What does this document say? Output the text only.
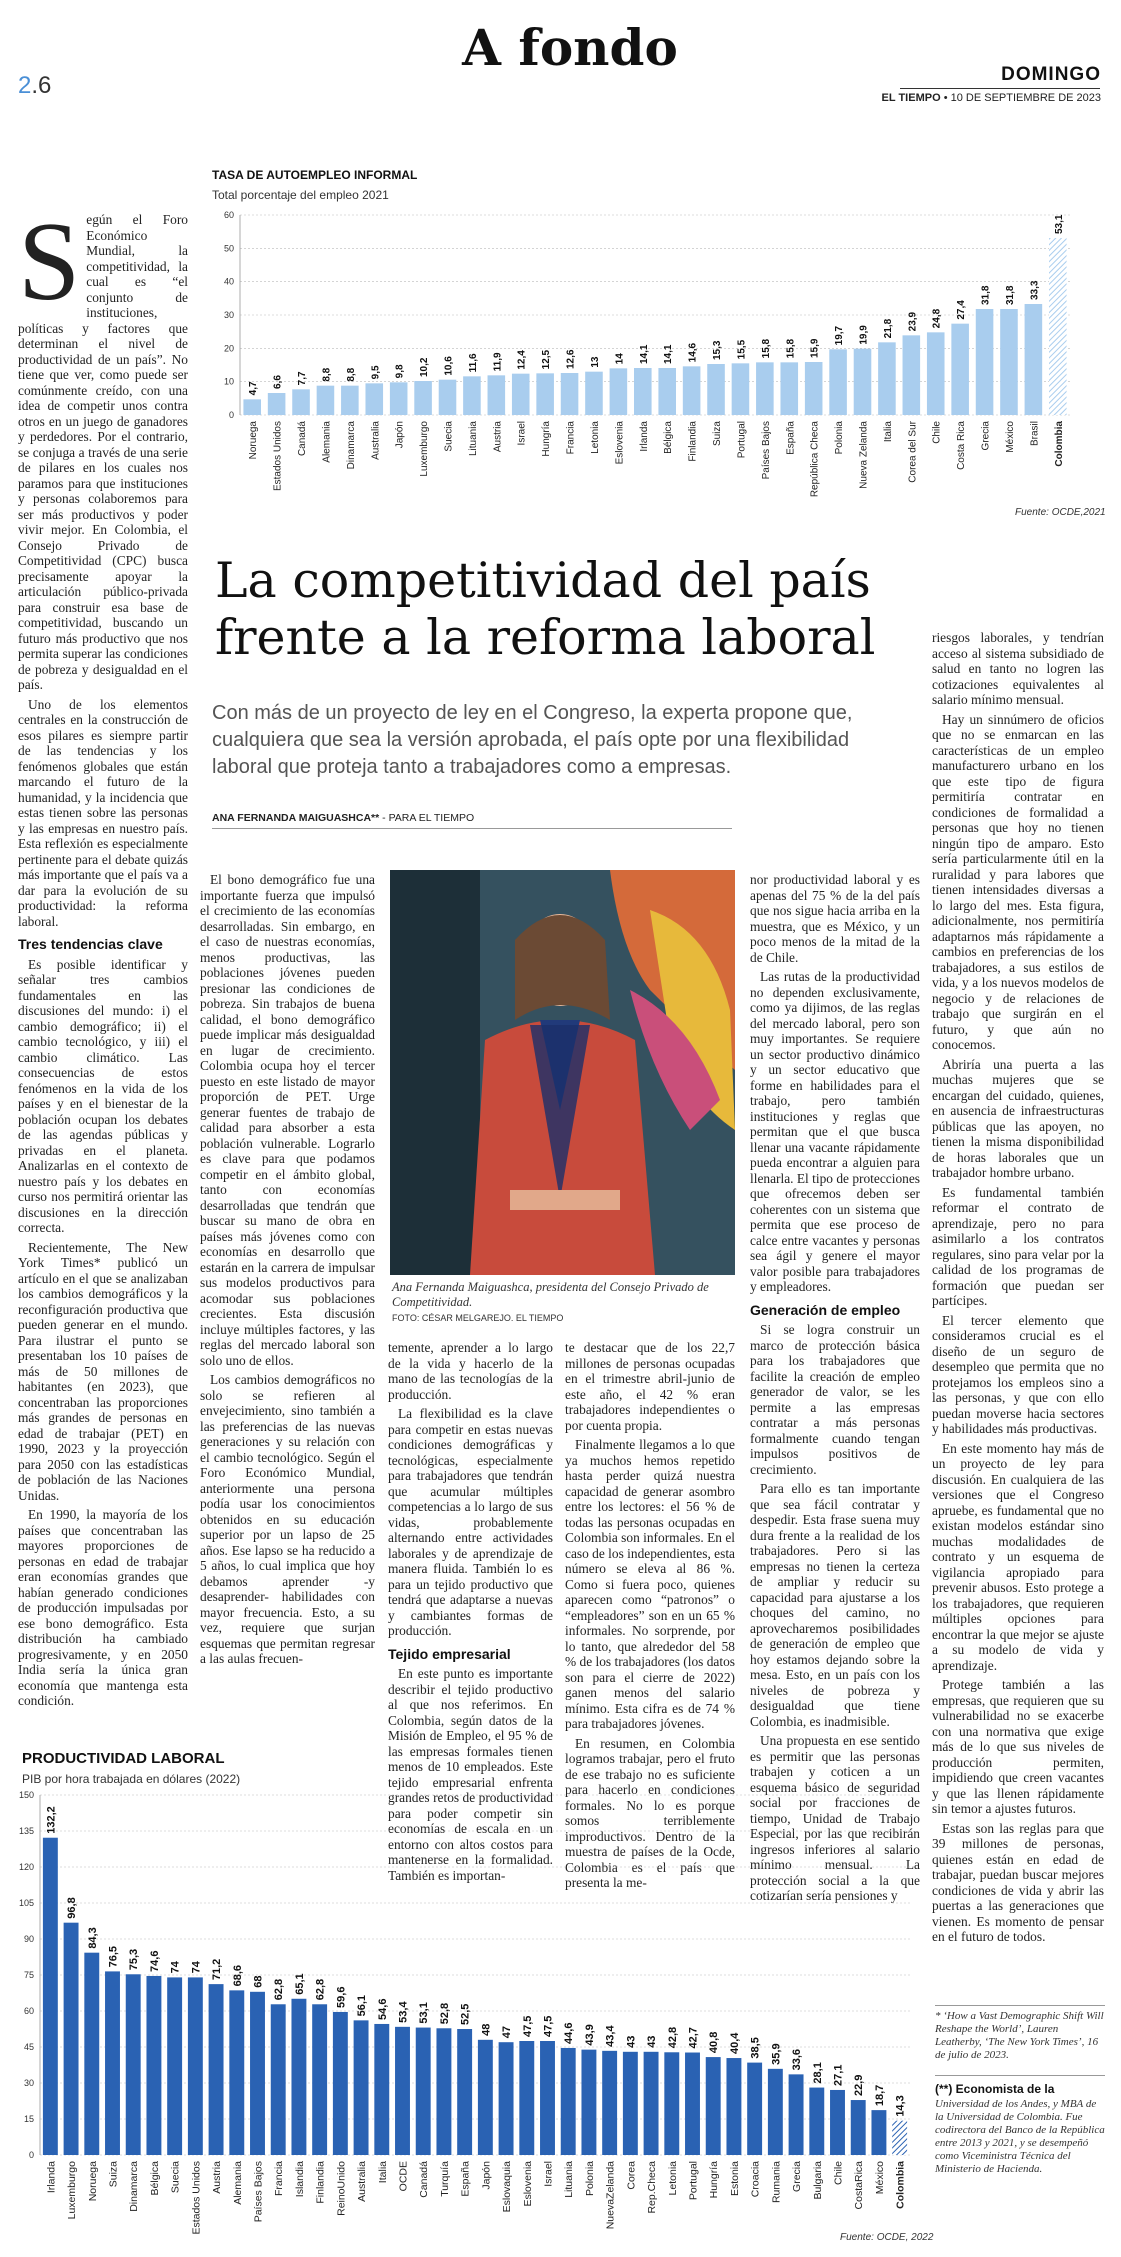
2.6
A fondo	DOMINGO
EL TIEMPO • 10 DE SEPTIEMBRE DE 2023
TASA DE AUTOEMPLEO INFORMAL
Total porcentaje del empleo 2021
0
10
20
30
40
50
60
4,7
Noruega
6,6
Estados Unidos
7,7
Canadá
8,8
Alemania
8,8
Dinamarca
9,5
Australia
9,8
Japón
10,2
Luxemburgo
10,6
Suecia
11,6
Lituania
11,9
Austria
12,4
Israel
12,5
Hungría
12,6
Francia
13
Letonia
14
Eslovenia
14,1
Irlanda
14,1
Bélgica
14,6
Finlandia
15,3
Suiza
15,5
Portugal
15,8
Países Bajos
15,8
España
15,9
República Checa
19,7
Polonia
19,9
Nueva Zelanda
21,8
Italia
23,9
Corea del Sur
24,8
Chile
27,4
Costa Rica
31,8
Grecia
31,8
México
33,3
Brasil
53,1
Colombia
Fuente: OCDE,2021

Según el Foro Económico Mundial, la competitividad, la cual es “el conjunto de instituciones, políticas y factores que determinan el nivel de productividad de un país”. No tiene que ver, como puede ser comúnmente creído, con una idea de competir unos contra otros en un juego de ganadores y perdedores. Por el contrario, se conjuga a través de una serie de pilares en los cuales nos paramos para que instituciones y personas colaboremos para ser más productivos y poder vivir mejor. En Colombia, el Consejo Privado de Competitividad (CPC) busca precisamente apoyar la articulación público-privada para construir esa base de competitividad, buscando un futuro más productivo que nos permita superar las condiciones de pobreza y desigualdad en el país.

Uno de los elementos centrales en la construcción de esos pilares es siempre partir de las tendencias y los fenómenos globales que están marcando el futuro de la humanidad, y la incidencia que estas tienen sobre las personas y las empresas en nuestro país. Esta reflexión es especialmente pertinente para el debate quizás más importante que el país va a dar para la evolución de su productividad: la reforma laboral.

Tres tendencias clave

Es posible identificar y señalar tres cambios fundamentales en las discusiones del mundo: i) el cambio demográfico; ii) el cambio tecnológico, y iii) el cambio climático. Las consecuencias de estos fenómenos en la vida de los países y en el bienestar de la población ocupan los debates de las agendas públicas y privadas en el planeta. Analizarlas en el contexto de nuestro país y los debates en curso nos permitirá orientar las discusiones en la dirección correcta.

Recientemente, The New York Times* publicó un artículo en el que se analizaban los cambios demográficos y la reconfiguración productiva que pueden generar en el mundo. Para ilustrar el punto se presentaban los 10 países de más de 50 millones de habitantes (en 2023), que concentraban las proporciones más grandes de personas en edad de trabajar (PET) en 1990, 2023 y la proyección para 2050 con las estadísticas de población de las Naciones Unidas.

En 1990, la mayoría de los países que concentraban las mayores proporciones de personas en edad de trabajar eran economías grandes que habían generado condiciones de producción impulsadas por ese bono demográfico. Esta distribución ha cambiado progresivamente, y en 2050 India sería la única gran economía que mantenga esta condición.

La competitividad del país frente a la reforma laboral
Con más de un proyecto de ley en el Congreso, la experta propone que, cualquiera que sea la versión aprobada, el país opte por una flexibilidad laboral que proteja tanto a trabajadores como a empresas.
ANA FERNANDA MAIGUASHCA** - PARA EL TIEMPO

El bono demográfico fue una importante fuerza que impulsó el crecimiento de las economías desarrolladas. Sin embargo, en el caso de nuestras economías, menos productivas, las poblaciones jóvenes pueden presionar las condiciones de pobreza. Sin trabajos de buena calidad, el bono demográfico puede implicar más desigualdad en lugar de crecimiento. Colombia ocupa hoy el tercer puesto en este listado de mayor proporción de PET. Urge generar fuentes de trabajo de calidad para absorber a esta población vulnerable. Lograrlo es clave para que podamos competir en el ámbito global, tanto con economías desarrolladas que tendrán que buscar su mano de obra en países más jóvenes como con economías en desarrollo que estarán en la carrera de impulsar sus modelos productivos para acomodar sus poblaciones crecientes. Esta discusión incluye múltiples factores, y las reglas del mercado laboral son solo uno de ellos.

Los cambios demográficos no solo se refieren al envejecimiento, sino también a las preferencias de las nuevas generaciones y su relación con el cambio tecnológico. Según el Foro Económico Mundial, anteriormente una persona podía usar los conocimientos obtenidos en su educación superior por un lapso de 25 años. Ese lapso se ha reducido a 5 años, lo cual implica que hoy debamos aprender -y desaprender- habilidades con mayor frecuencia. Esto, a su vez, requiere que surjan esquemas que permitan regresar a las aulas frecuen-

Ana Fernanda Maiguashca, presidenta del Consejo Privado de Competitividad.
FOTO: CÉSAR MELGAREJO. EL TIEMPO

temente, aprender a lo largo de la vida y hacerlo de la mano de las tecnologías de la producción.

La flexibilidad es la clave para competir en estas nuevas condiciones demográficas y tecnológicas, especialmente para trabajadores que tendrán que acumular múltiples competencias a lo largo de sus vidas, probablemente alternando entre actividades laborales y de aprendizaje de manera fluida. También lo es para un tejido productivo que tendrá que adaptarse a nuevas y cambiantes formas de producción.

Tejido empresarial

En este punto es importante describir el tejido productivo al que nos referimos. En Colombia, según datos de la Misión de Empleo, el 95 % de las empresas formales tienen menos de 10 empleados. Este tejido empresarial enfrenta grandes retos de productividad para poder competir sin economías de escala en un entorno con altos costos para mantenerse en la formalidad. También es importan-

te destacar que de los 22,7 millones de personas ocupadas en el trimestre abril-junio de este año, el 42 % eran trabajadores independientes o por cuenta propia.

Finalmente llegamos a lo que ya muchos hemos repetido hasta perder quizá nuestra capacidad de generar asombro entre los lectores: el 56 % de todas las personas ocupadas en Colombia son informales. En el caso de los independientes, esta número se eleva al 86 %. Como si fuera poco, quienes aparecen como “patronos” o “empleadores” son en un 65 % informales. No sorprende, por lo tanto, que alrededor del 58 % de los trabajadores (los datos son para el cierre de 2022) ganen menos del salario mínimo. Esta cifra es de 74 % para trabajadores jóvenes.

En resumen, en Colombia logramos trabajar, pero el fruto de ese trabajo no es suficiente para hacerlo en condiciones formales. No lo es porque somos terriblemente improductivos. Dentro de la muestra de países de la Ocde, Colombia es el país que presenta la me-

nor productividad laboral y es apenas del 75 % de la del país que nos sigue hacia arriba en la muestra, que es México, y un poco menos de la mitad de la de Chile.

Las rutas de la productividad no dependen exclusivamente, como ya dijimos, de las reglas del mercado laboral, pero son muy importantes. Se requiere un sector productivo dinámico y un sector educativo que forme en habilidades para el trabajo, pero también instituciones y reglas que permitan que el que busca llenar una vacante rápidamente pueda encontrar a alguien para llenarla. El tipo de protecciones que ofrecemos deben ser coherentes con un sistema que permita que ese proceso de calce entre vacantes y personas sea ágil y genere el mayor valor posible para trabajadores y empleadores.

Generación de empleo

Si se logra construir un marco de protección básica para los trabajadores que facilite la creación de empleo generador de valor, se les permite a las empresas contratar a más personas formalmente cuando tengan impulsos positivos de crecimiento.

Para ello es tan importante que sea fácil contratar y despedir. Esta frase suena muy dura frente a la realidad de los trabajadores. Pero si las empresas no tienen la certeza de ampliar y reducir su capacidad para ajustarse a los choques del camino, no aprovecharemos posibilidades de generación de empleo que hoy estamos dejando sobre la mesa. Esto, en un país con los niveles de pobreza y desigualdad que tiene Colombia, es inadmisible.

Una propuesta en ese sentido es permitir que las personas trabajen y coticen a un esquema básico de seguridad social por fracciones de tiempo, Unidad de Trabajo Especial, por las que recibirán ingresos inferiores al salario mínimo mensual. La protección social a la que cotizarían sería pensiones y

riesgos laborales, y tendrían acceso al sistema subsidiado de salud en tanto no logren las cotizaciones equivalentes al salario mínimo mensual.

Hay un sinnúmero de oficios que no se enmarcan en las características de un empleo manufacturero urbano en los que este tipo de figura permitiría contratar en condiciones de formalidad a personas que hoy no tienen ningún tipo de amparo. Esto sería particularmente útil en la ruralidad y para labores que tienen intensidades diversas a lo largo del mes. Esta figura, adicionalmente, nos permitiría adaptarnos más rápidamente a cambios en preferencias de los trabajadores, a sus estilos de vida, y a los nuevos modelos de negocio y de relaciones de trabajo que surgirán en el futuro, y que aún no conocemos.

Abriría una puerta a las muchas mujeres que se encargan del cuidado, quienes, en ausencia de infraestructuras públicas que las apoyen, no tienen la misma disponibilidad de horas laborales que un trabajador hombre urbano.

Es fundamental también reformar el contrato de aprendizaje, pero no para asimilarlo a los contratos regulares, sino para velar por la calidad de los programas de formación que puedan ser partícipes.

El tercer elemento que consideramos crucial es el diseño de un seguro de desempleo que permita que no protejamos los empleos sino a las personas, y que con ello puedan moverse hacia sectores y habilidades más productivas.

En este momento hay más de un proyecto de ley para discusión. En cualquiera de las versiones que el Congreso apruebe, es fundamental que no existan modelos estándar sino muchas modalidades de contrato y un esquema de vigilancia apropiado para prevenir abusos. Esto protege a los trabajadores, que requieren múltiples opciones para encontrar la que mejor se ajuste a su modelo de vida y aprendizaje.

Protege también a las empresas, que requieren que su vulnerabilidad no se exacerbe con una normativa que exige más de lo que sus niveles de producción permiten, impidiendo que creen vacantes y que las llenen rápidamente sin temor a ajustes futuros.

Estas son las reglas para que 39 millones de personas, quienes están en edad de trabajar, puedan buscar mejores condiciones de vida y abrir las puertas a las generaciones que vienen. Es momento de pensar en el futuro de todos.

* ‘How a Vast Demographic Shift Will Reshape the World’, Lauren Leatherby, ‘The New York Times’, 16 de julio de 2023.
(**) Economista de la
Universidad de los Andes, y MBA de la Universidad de Colombia. Fue codirectora del Banco de la República entre 2013 y 2021, y se desempeñó como Viceministra Técnica del Ministerio de Hacienda.
PRODUCTIVIDAD LABORAL
PIB por hora trabajada en dólares (2022)
0
15
30
45
60
75
90
105
120
135
150
132,2
Irlanda
96,8
Luxemburgo
84,3
Noruega
76,5
Suiza
75,3
Dinamarca
74,6
Bélgica
74
Suecia
74
Estados Unidos
71,2
Austria
68,6
Alemania
68
Países Bajos
62,8
Francia
65,1
Islandia
62,8
Finlandia
59,6
ReinoUnido
56,1
Australia
54,6
Italia
53,4
OCDE
53,1
Canadá
52,8
Turquía
52,5
España
48
Japón
47
Eslovaquia
47,5
Eslovenia
47,5
Israel
44,6
Lituania
43,9
Polonia
43,4
NuevaZelanda
43
Corea
43
Rep.Checa
42,8
Letonia
42,7
Portugal
40,8
Hungría
40,4
Estonia
38,5
Croacia
35,9
Rumania
33,6
Grecia
28,1
Bulgaria
27,1
Chile
22,9
CostaRica
18,7
México
14,3
Colombia
Fuente: OCDE, 2022
